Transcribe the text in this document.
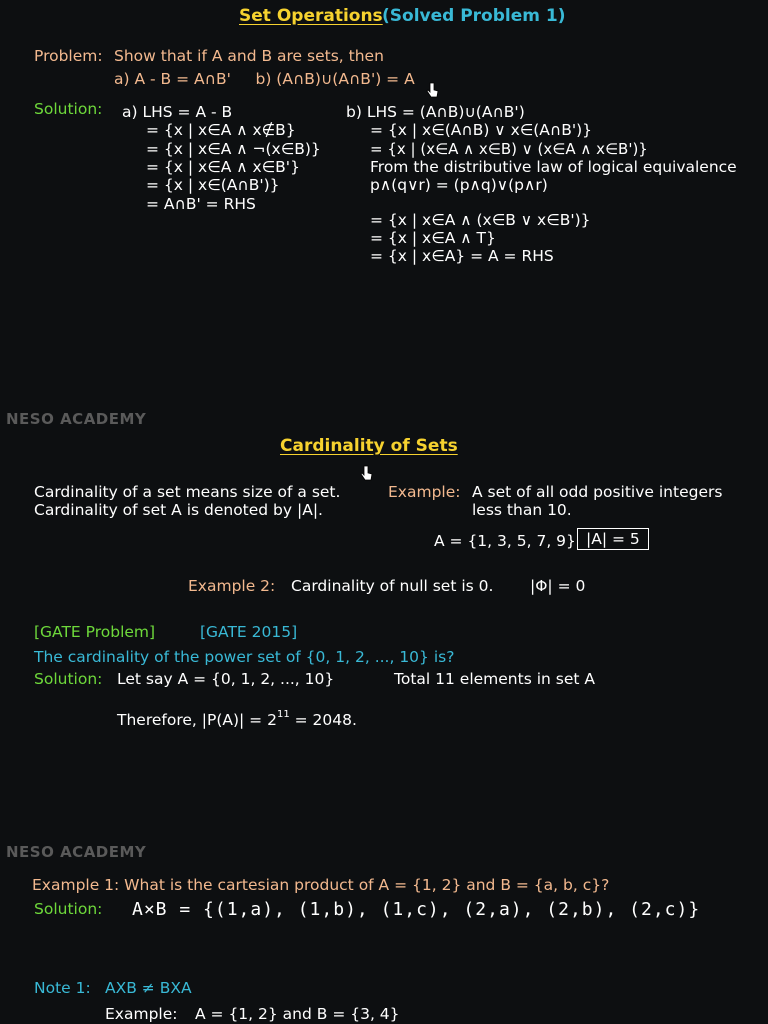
Set Operations (Solved Problem 1)
Problem: Show that if A and B are sets, then
a) A - B = A∩B'     b) (A∩B)∪(A∩B') = A
Solution: a) LHS = A - B
= {x | x∈A ∧ x∉B}
= {x | x∈A ∧ ¬(x∈B)}
= {x | x∈A ∧ x∈B'}
= {x | x∈(A∩B')}
= A∩B' = RHS
b) LHS = (A∩B)∪(A∩B')
= {x | x∈(A∩B) ∨ x∈(A∩B')}
= {x | (x∈A ∧ x∈B) ∨ (x∈A ∧ x∈B')}
From the distributive law of logical equivalence
p∧(q∨r) = (p∧q)∨(p∧r)
= {x | x∈A ∧ (x∈B ∨ x∈B')}
= {x | x∈A ∧ T}
= {x | x∈A} = A = RHS
NESO ACADEMY
Cardinality of Sets
Cardinality of a set means size of a set.
Cardinality of set A is denoted by |A|.
Example: A set of all odd positive integers
less than 10.
A = {1, 3, 5, 7, 9} |A| = 5
Example 2: Cardinality of null set is 0. |Φ| = 0
[GATE Problem]	[GATE 2015]
The cardinality of the power set of {0, 1, 2, ..., 10} is?
Solution: Let say A = {0, 1, 2, ..., 10}	Total 11 elements in set A
Therefore, $|P(A)| = 2^{11} = 2048$.
NESO ACADEMY
Example 1: What is the cartesian product of A = {1, 2} and B = {a, b, c}?
Solution: A×B = {(1,a), (1,b), (1,c), (2,a), (2,b), (2,c)}
Note 1: AXB ≠ BXA
Example: A = {1, 2} and B = {3, 4}
